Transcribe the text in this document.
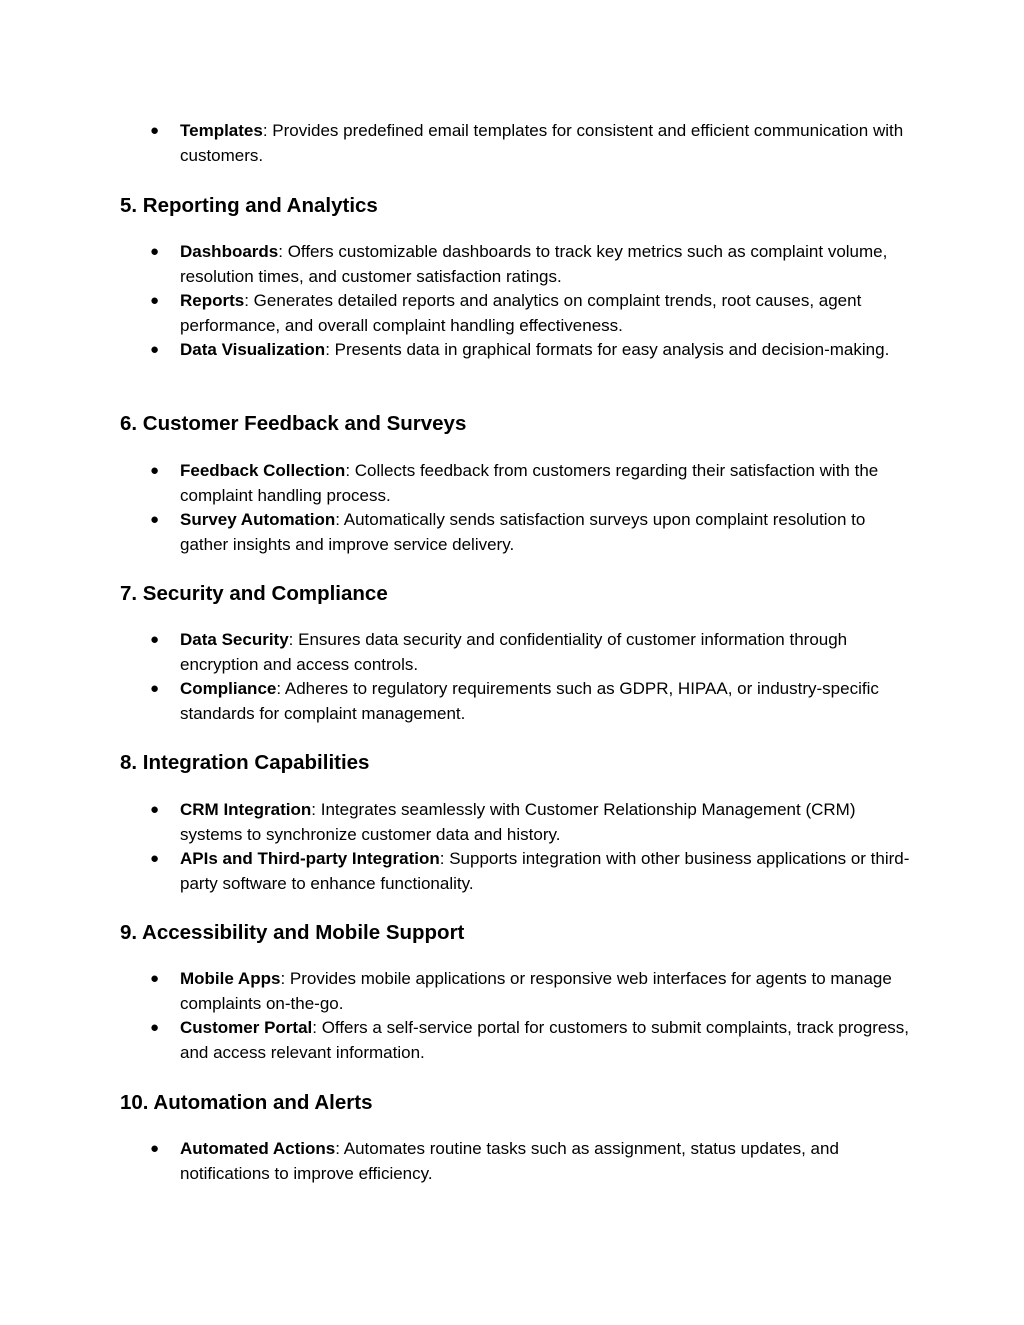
● Templates: Provides predefined email templates for consistent and efficient communication with customers.
5. Reporting and Analytics
● Dashboards: Offers customizable dashboards to track key metrics such as complaint volume, resolution times, and customer satisfaction ratings.
● Reports: Generates detailed reports and analytics on complaint trends, root causes, agent performance, and overall complaint handling effectiveness.
● Data Visualization: Presents data in graphical formats for easy analysis and decision-making.
6. Customer Feedback and Surveys
● Feedback Collection: Collects feedback from customers regarding their satisfaction with the complaint handling process.
● Survey Automation: Automatically sends satisfaction surveys upon complaint resolution to gather insights and improve service delivery.
7. Security and Compliance
● Data Security: Ensures data security and confidentiality of customer information through encryption and access controls.
● Compliance: Adheres to regulatory requirements such as GDPR, HIPAA, or industry-specific standards for complaint management.
8. Integration Capabilities
● CRM Integration: Integrates seamlessly with Customer Relationship Management (CRM) systems to synchronize customer data and history.
● APIs and Third-party Integration: Supports integration with other business applications or third-party software to enhance functionality.
9. Accessibility and Mobile Support
● Mobile Apps: Provides mobile applications or responsive web interfaces for agents to manage complaints on-the-go.
● Customer Portal: Offers a self-service portal for customers to submit complaints, track progress, and access relevant information.
10. Automation and Alerts
● Automated Actions: Automates routine tasks such as assignment, status updates, and notifications to improve efficiency.
